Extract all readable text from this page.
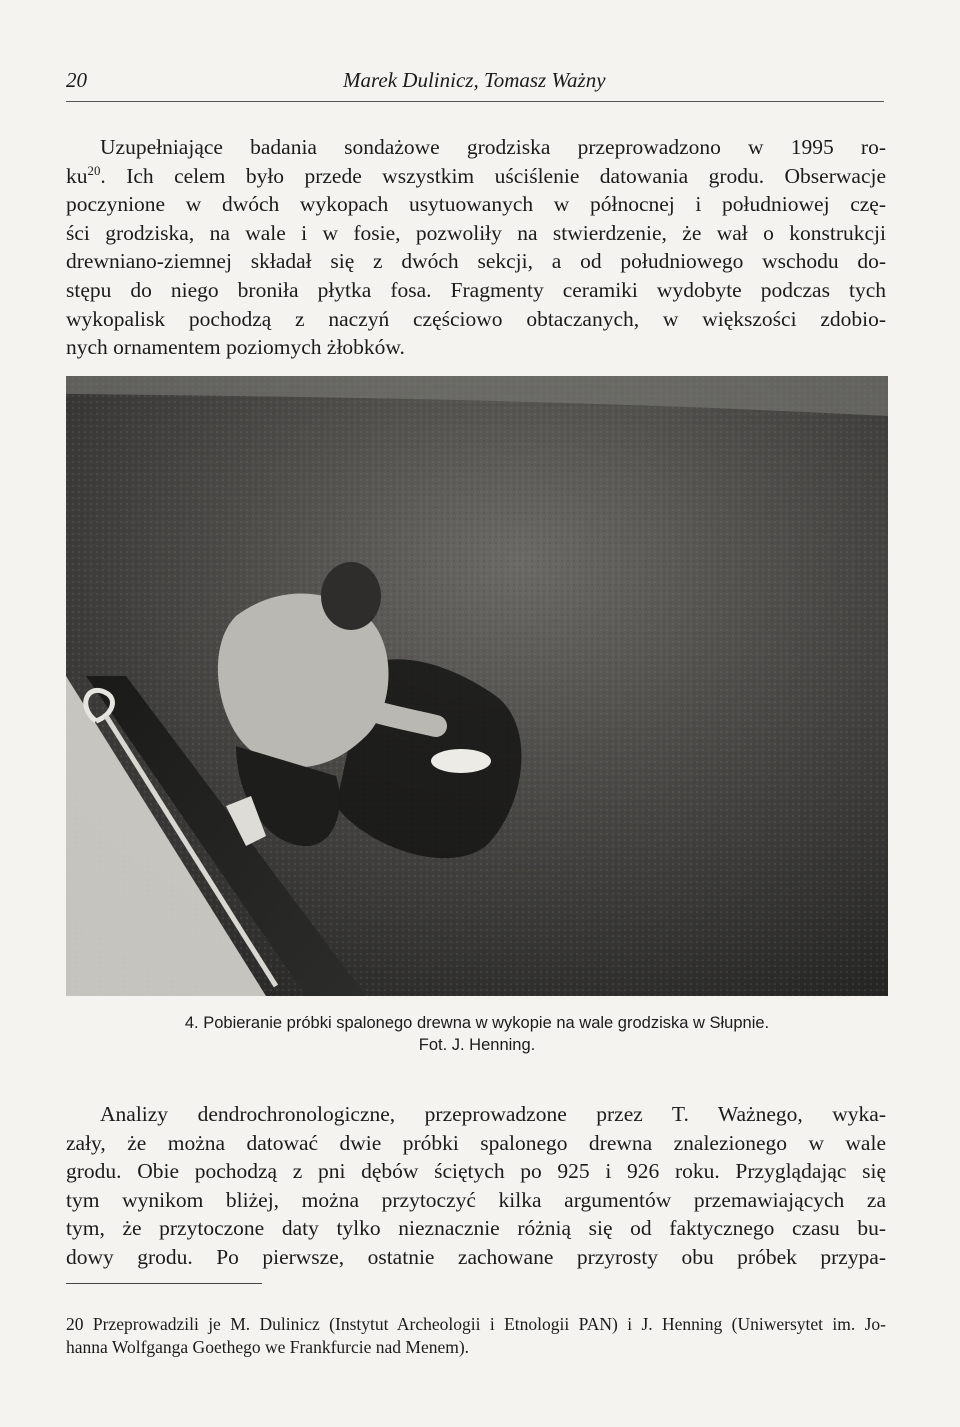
20	Marek Dulinicz, Tomasz Ważny
Uzupełniające badania sondażowe grodziska przeprowadzono w 1995 ro-
$ku^{20}$. Ich celem było przede wszystkim uściślenie datowania grodu. Obserwacje
poczynione w dwóch wykopach usytuowanych w północnej i południowej czę-
ści grodziska, na wale i w fosie, pozwoliły na stwierdzenie, że wał o konstrukcji
drewniano-ziemnej składał się z dwóch sekcji, a od południowego wschodu do-
stępu do niego broniła płytka fosa. Fragmenty ceramiki wydobyte podczas tych
wykopalisk pochodzą z naczyń częściowo obtaczanych, w większości zdobio-
nych ornamentem poziomych żłobków.
4. Pobieranie próbki spalonego drewna w wykopie na wale grodziska w Słupnie.
Fot. J. Henning.
Analizy dendrochronologiczne, przeprowadzone przez T. Ważnego, wyka-
zały, że można datować dwie próbki spalonego drewna znalezionego w wale
grodu. Obie pochodzą z pni dębów ściętych po 925 i 926 roku. Przyglądając się
tym wynikom bliżej, można przytoczyć kilka argumentów przemawiających za
tym, że przytoczone daty tylko nieznacznie różnią się od faktycznego czasu bu-
dowy grodu. Po pierwsze, ostatnie zachowane przyrosty obu próbek przypa-
20 Przeprowadzili je M. Dulinicz (Instytut Archeologii i Etnologii PAN) i J. Henning (Uniwersytet im. Jo-
hanna Wolfganga Goethego we Frankfurcie nad Menem).
